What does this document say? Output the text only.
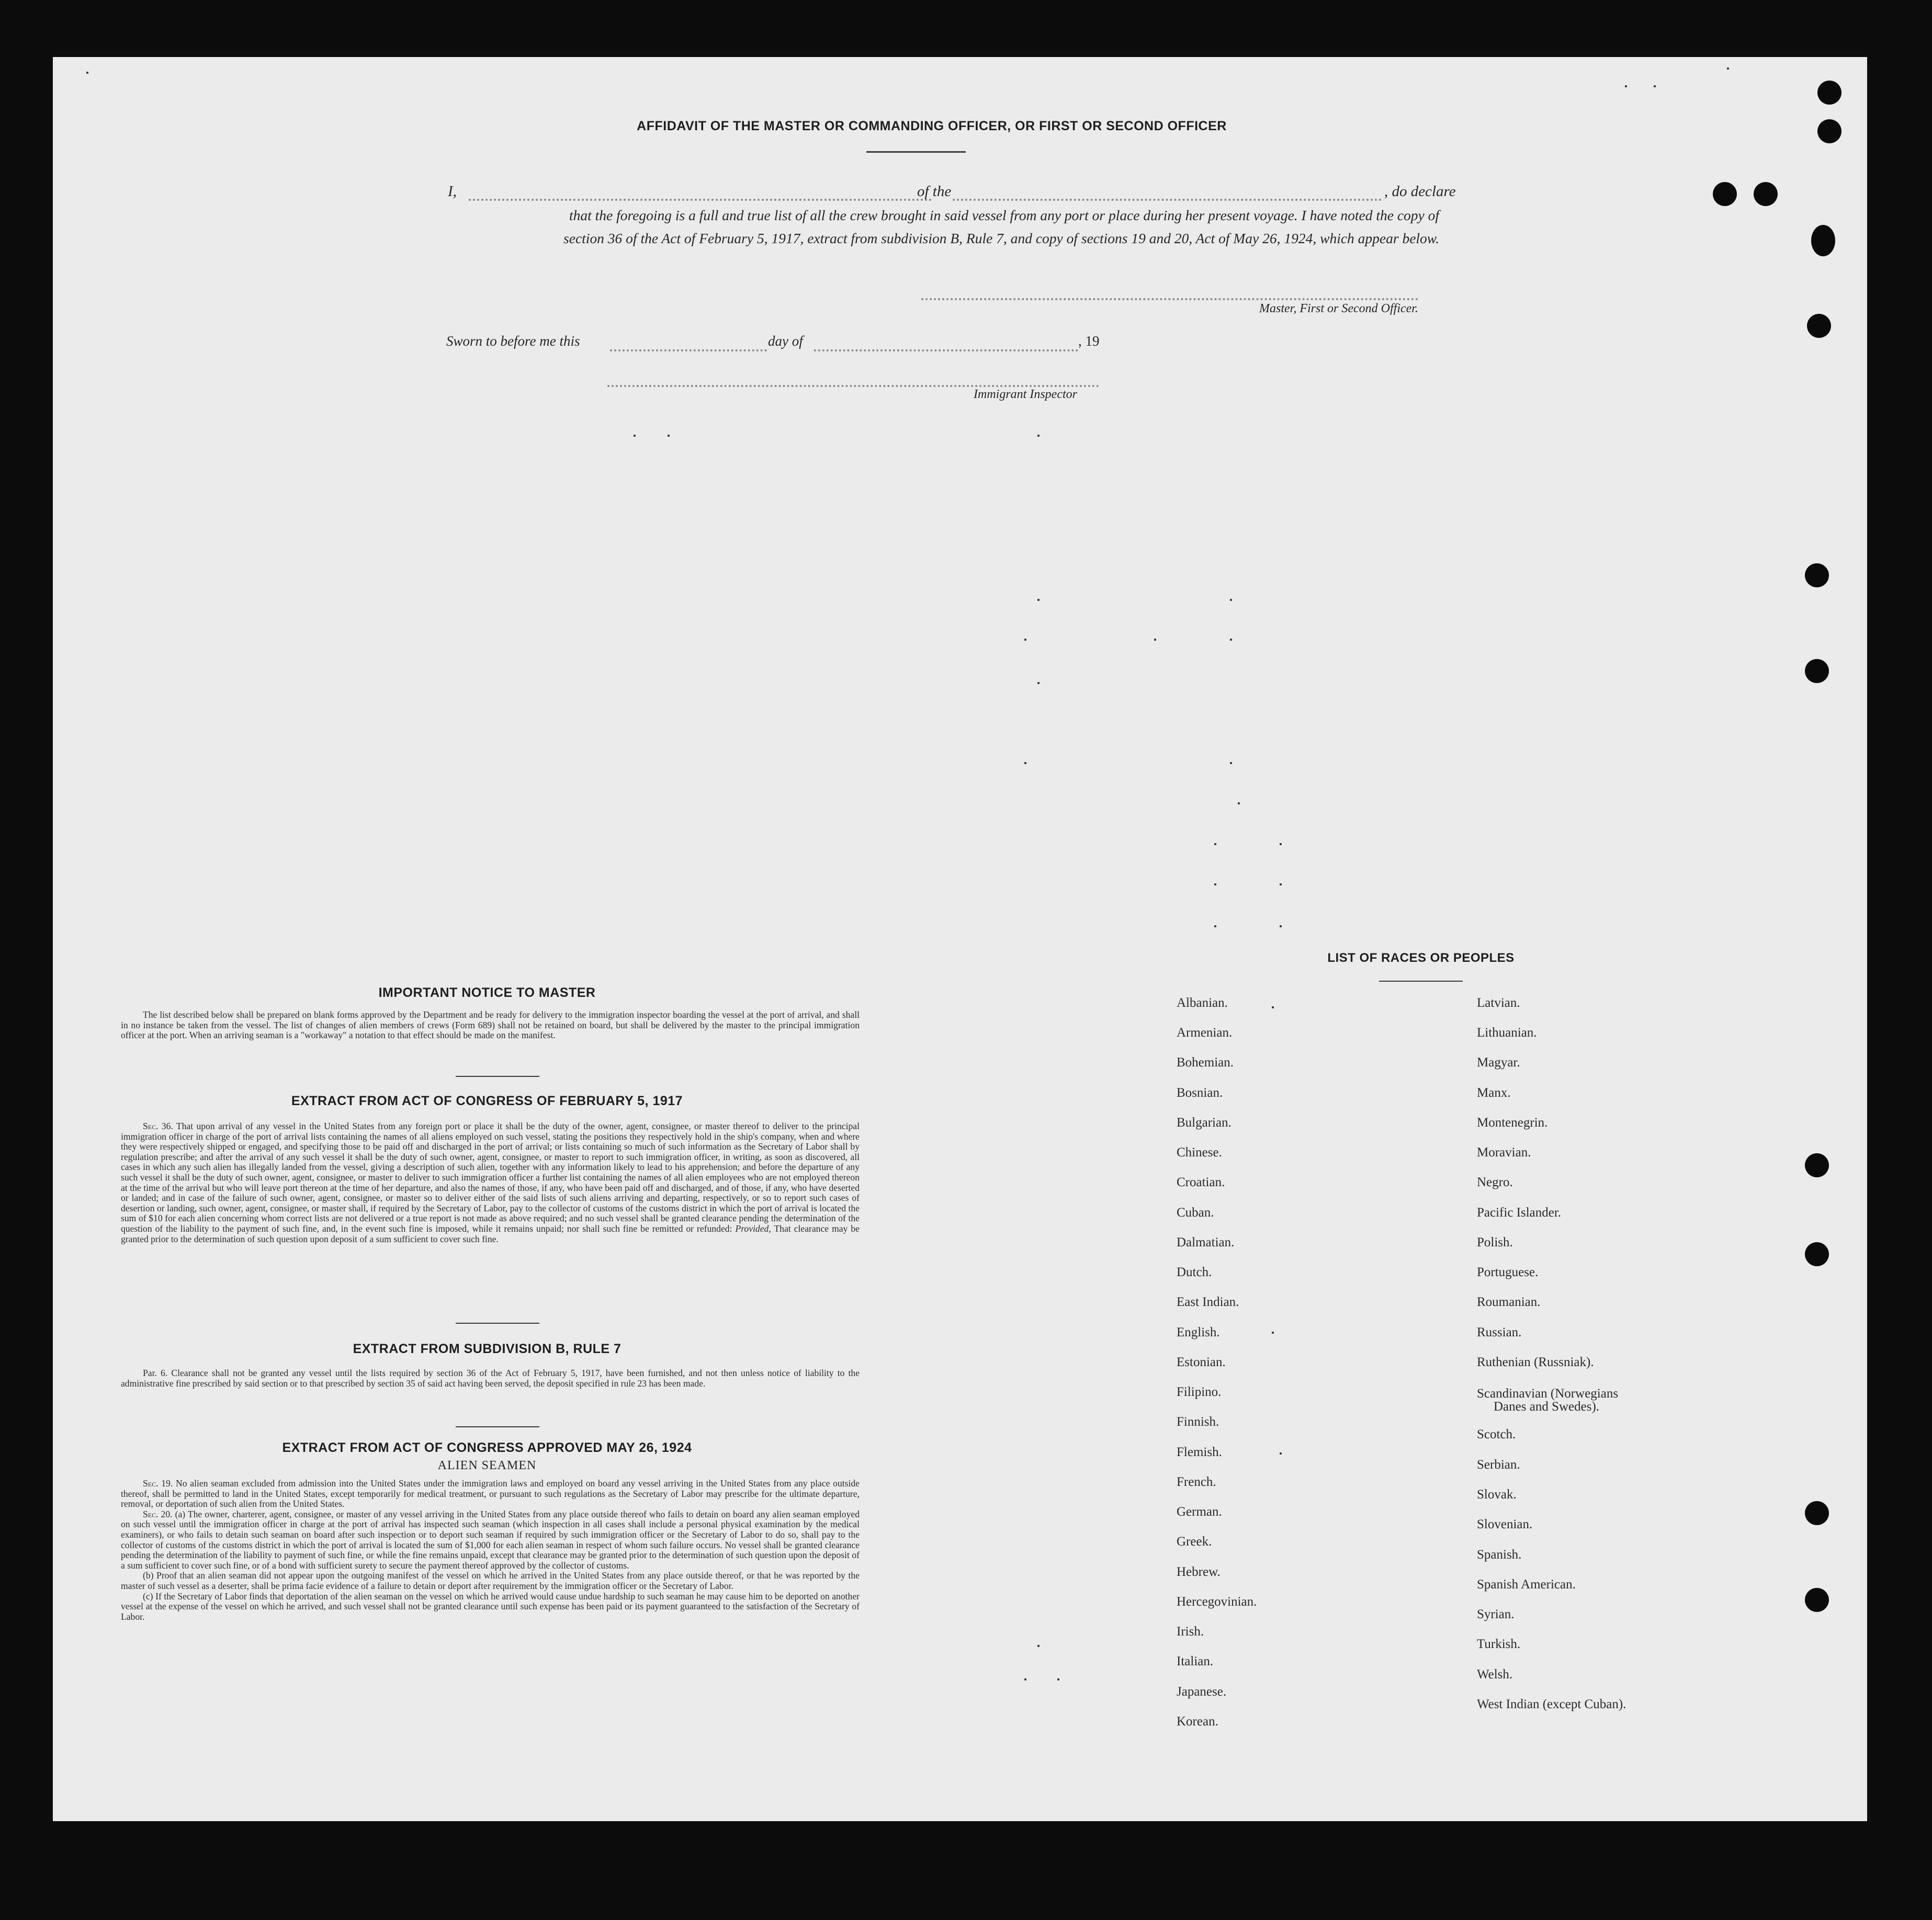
AFFIDAVIT OF THE MASTER OR COMMANDING OFFICER, OR FIRST OR SECOND OFFICER
I,	of the	, do declare
that the foregoing is a full and true list of all the crew brought in said vessel from any port or place during her present voyage. I have noted the copy of
section 36 of the Act of February 5, 1917, extract from subdivision B, Rule 7, and copy of sections 19 and 20, Act of May 26, 1924, which appear below.
Master, First or Second Officer.
Sworn to before me this	day of	, 19
Immigrant Inspector
IMPORTANT NOTICE TO MASTER

The list described below shall be prepared on blank forms approved by the Department and be ready for delivery to the immigration inspector boarding the vessel at the port of arrival, and shall in no instance be taken from the vessel. The list of changes of alien members of crews (Form 689) shall not be retained on board, but shall be delivered by the master to the principal immigration officer at the port. When an arriving seaman is a "workaway" a notation to that effect should be made on the manifest.

EXTRACT FROM ACT OF CONGRESS OF FEBRUARY 5, 1917

Sec. 36. That upon arrival of any vessel in the United States from any foreign port or place it shall be the duty of the owner, agent, consignee, or master thereof to deliver to the principal immigration officer in charge of the port of arrival lists containing the names of all aliens employed on such vessel, stating the positions they respectively hold in the ship's company, when and where they were respectively shipped or engaged, and specifying those to be paid off and discharged in the port of arrival; or lists containing so much of such information as the Secretary of Labor shall by regulation prescribe; and after the arrival of any such vessel it shall be the duty of such owner, agent, consignee, or master to report to such immigration officer, in writing, as soon as discovered, all cases in which any such alien has illegally landed from the vessel, giving a description of such alien, together with any information likely to lead to his apprehension; and before the departure of any such vessel it shall be the duty of such owner, agent, consignee, or master to deliver to such immigration officer a further list containing the names of all alien employees who are not employed thereon at the time of the arrival but who will leave port thereon at the time of her departure, and also the names of those, if any, who have been paid off and discharged, and of those, if any, who have deserted or landed; and in case of the failure of such owner, agent, consignee, or master so to deliver either of the said lists of such aliens arriving and departing, respectively, or so to report such cases of desertion or landing, such owner, agent, consignee, or master shall, if required by the Secretary of Labor, pay to the collector of customs of the customs district in which the port of arrival is located the sum of $10 for each alien concerning whom correct lists are not delivered or a true report is not made as above required; and no such vessel shall be granted clearance pending the determination of the question of the liability to the payment of such fine, and, in the event such fine is imposed, while it remains unpaid; nor shall such fine be remitted or refunded: Provided, That clearance may be granted prior to the determination of such question upon deposit of a sum sufficient to cover such fine.

EXTRACT FROM SUBDIVISION B, RULE 7

Par. 6. Clearance shall not be granted any vessel until the lists required by section 36 of the Act of February 5, 1917, have been furnished, and not then unless notice of liability to the administrative fine prescribed by said section or to that prescribed by section 35 of said act having been served, the deposit specified in rule 23 has been made.

EXTRACT FROM ACT OF CONGRESS APPROVED MAY 26, 1924
ALIEN SEAMEN

Sec. 19. No alien seaman excluded from admission into the United States under the immigration laws and employed on board any vessel arriving in the United States from any place outside thereof, shall be permitted to land in the United States, except temporarily for medical treatment, or pursuant to such regulations as the Secretary of Labor may prescribe for the ultimate departure, removal, or deportation of such alien from the United States.

Sec. 20. (a) The owner, charterer, agent, consignee, or master of any vessel arriving in the United States from any place outside thereof who fails to detain on board any alien seaman employed on such vessel until the immigration officer in charge at the port of arrival has inspected such seaman (which inspection in all cases shall include a personal physical examination by the medical examiners), or who fails to detain such seaman on board after such inspection or to deport such seaman if required by such immigration officer or the Secretary of Labor to do so, shall pay to the collector of customs of the customs district in which the port of arrival is located the sum of $1,000 for each alien seaman in respect of whom such failure occurs. No vessel shall be granted clearance pending the determination of the liability to payment of such fine, or while the fine remains unpaid, except that clearance may be granted prior to the determination of such question upon the deposit of a sum sufficient to cover such fine, or of a bond with sufficient surety to secure the payment thereof approved by the collector of customs.

(b) Proof that an alien seaman did not appear upon the outgoing manifest of the vessel on which he arrived in the United States from any place outside thereof, or that he was reported by the master of such vessel as a deserter, shall be prima facie evidence of a failure to detain or deport after requirement by the immigration officer or the Secretary of Labor.

(c) If the Secretary of Labor finds that deportation of the alien seaman on the vessel on which he arrived would cause undue hardship to such seaman he may cause him to be deported on another vessel at the expense of the vessel on which he arrived, and such vessel shall not be granted clearance until such expense has been paid or its payment guaranteed to the satisfaction of the Secretary of Labor.

LIST OF RACES OR PEOPLES
Albanian.
Armenian.
Bohemian.
Bosnian.
Bulgarian.
Chinese.
Croatian.
Cuban.
Dalmatian.
Dutch.
East Indian.
English.
Estonian.
Filipino.
Finnish.
Flemish.
French.
German.
Greek.
Hebrew.
Hercegovinian.
Irish.
Italian.
Japanese.
Korean.
Latvian.
Lithuanian.
Magyar.
Manx.
Montenegrin.
Moravian.
Negro.
Pacific Islander.
Polish.
Portuguese.
Roumanian.
Russian.
Ruthenian (Russniak).
Scandinavian (Norwegians
Danes and Swedes).
Scotch.
Serbian.
Slovak.
Slovenian.
Spanish.
Spanish American.
Syrian.
Turkish.
Welsh.
West Indian (except Cuban).
